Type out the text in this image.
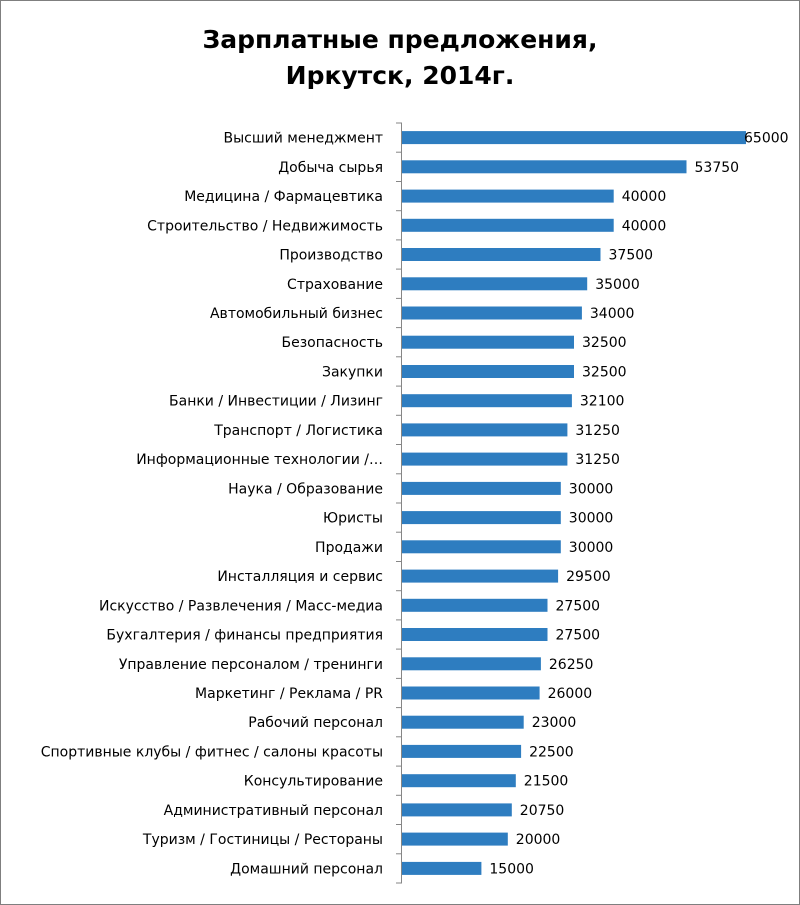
Зарплатные предложения,
Иркутск, 2014г.
Высший менеджмент	65000
Добыча сырья	53750
Медицина / Фармацевтика	40000
Строительство / Недвижимость	40000
Производство	37500
Страхование	35000
Автомобильный бизнес	34000
Безопасность	32500
Закупки	32500
Банки / Инвестиции / Лизинг	32100
Транспорт / Логистика	31250
Информационные технологии /…	31250
Наука / Образование	30000
Юристы	30000
Продажи	30000
Инсталляция и сервис	29500
Искусство / Развлечения / Масс-медиа	27500
Бухгалтерия / финансы предприятия	27500
Управление персоналом / тренинги	26250
Маркетинг / Реклама / PR	26000
Рабочий персонал	23000
Спортивные клубы / фитнес / салоны красоты	22500
Консультирование	21500
Административный персонал	20750
Туризм / Гостиницы / Рестораны	20000
Домашний персонал	15000
